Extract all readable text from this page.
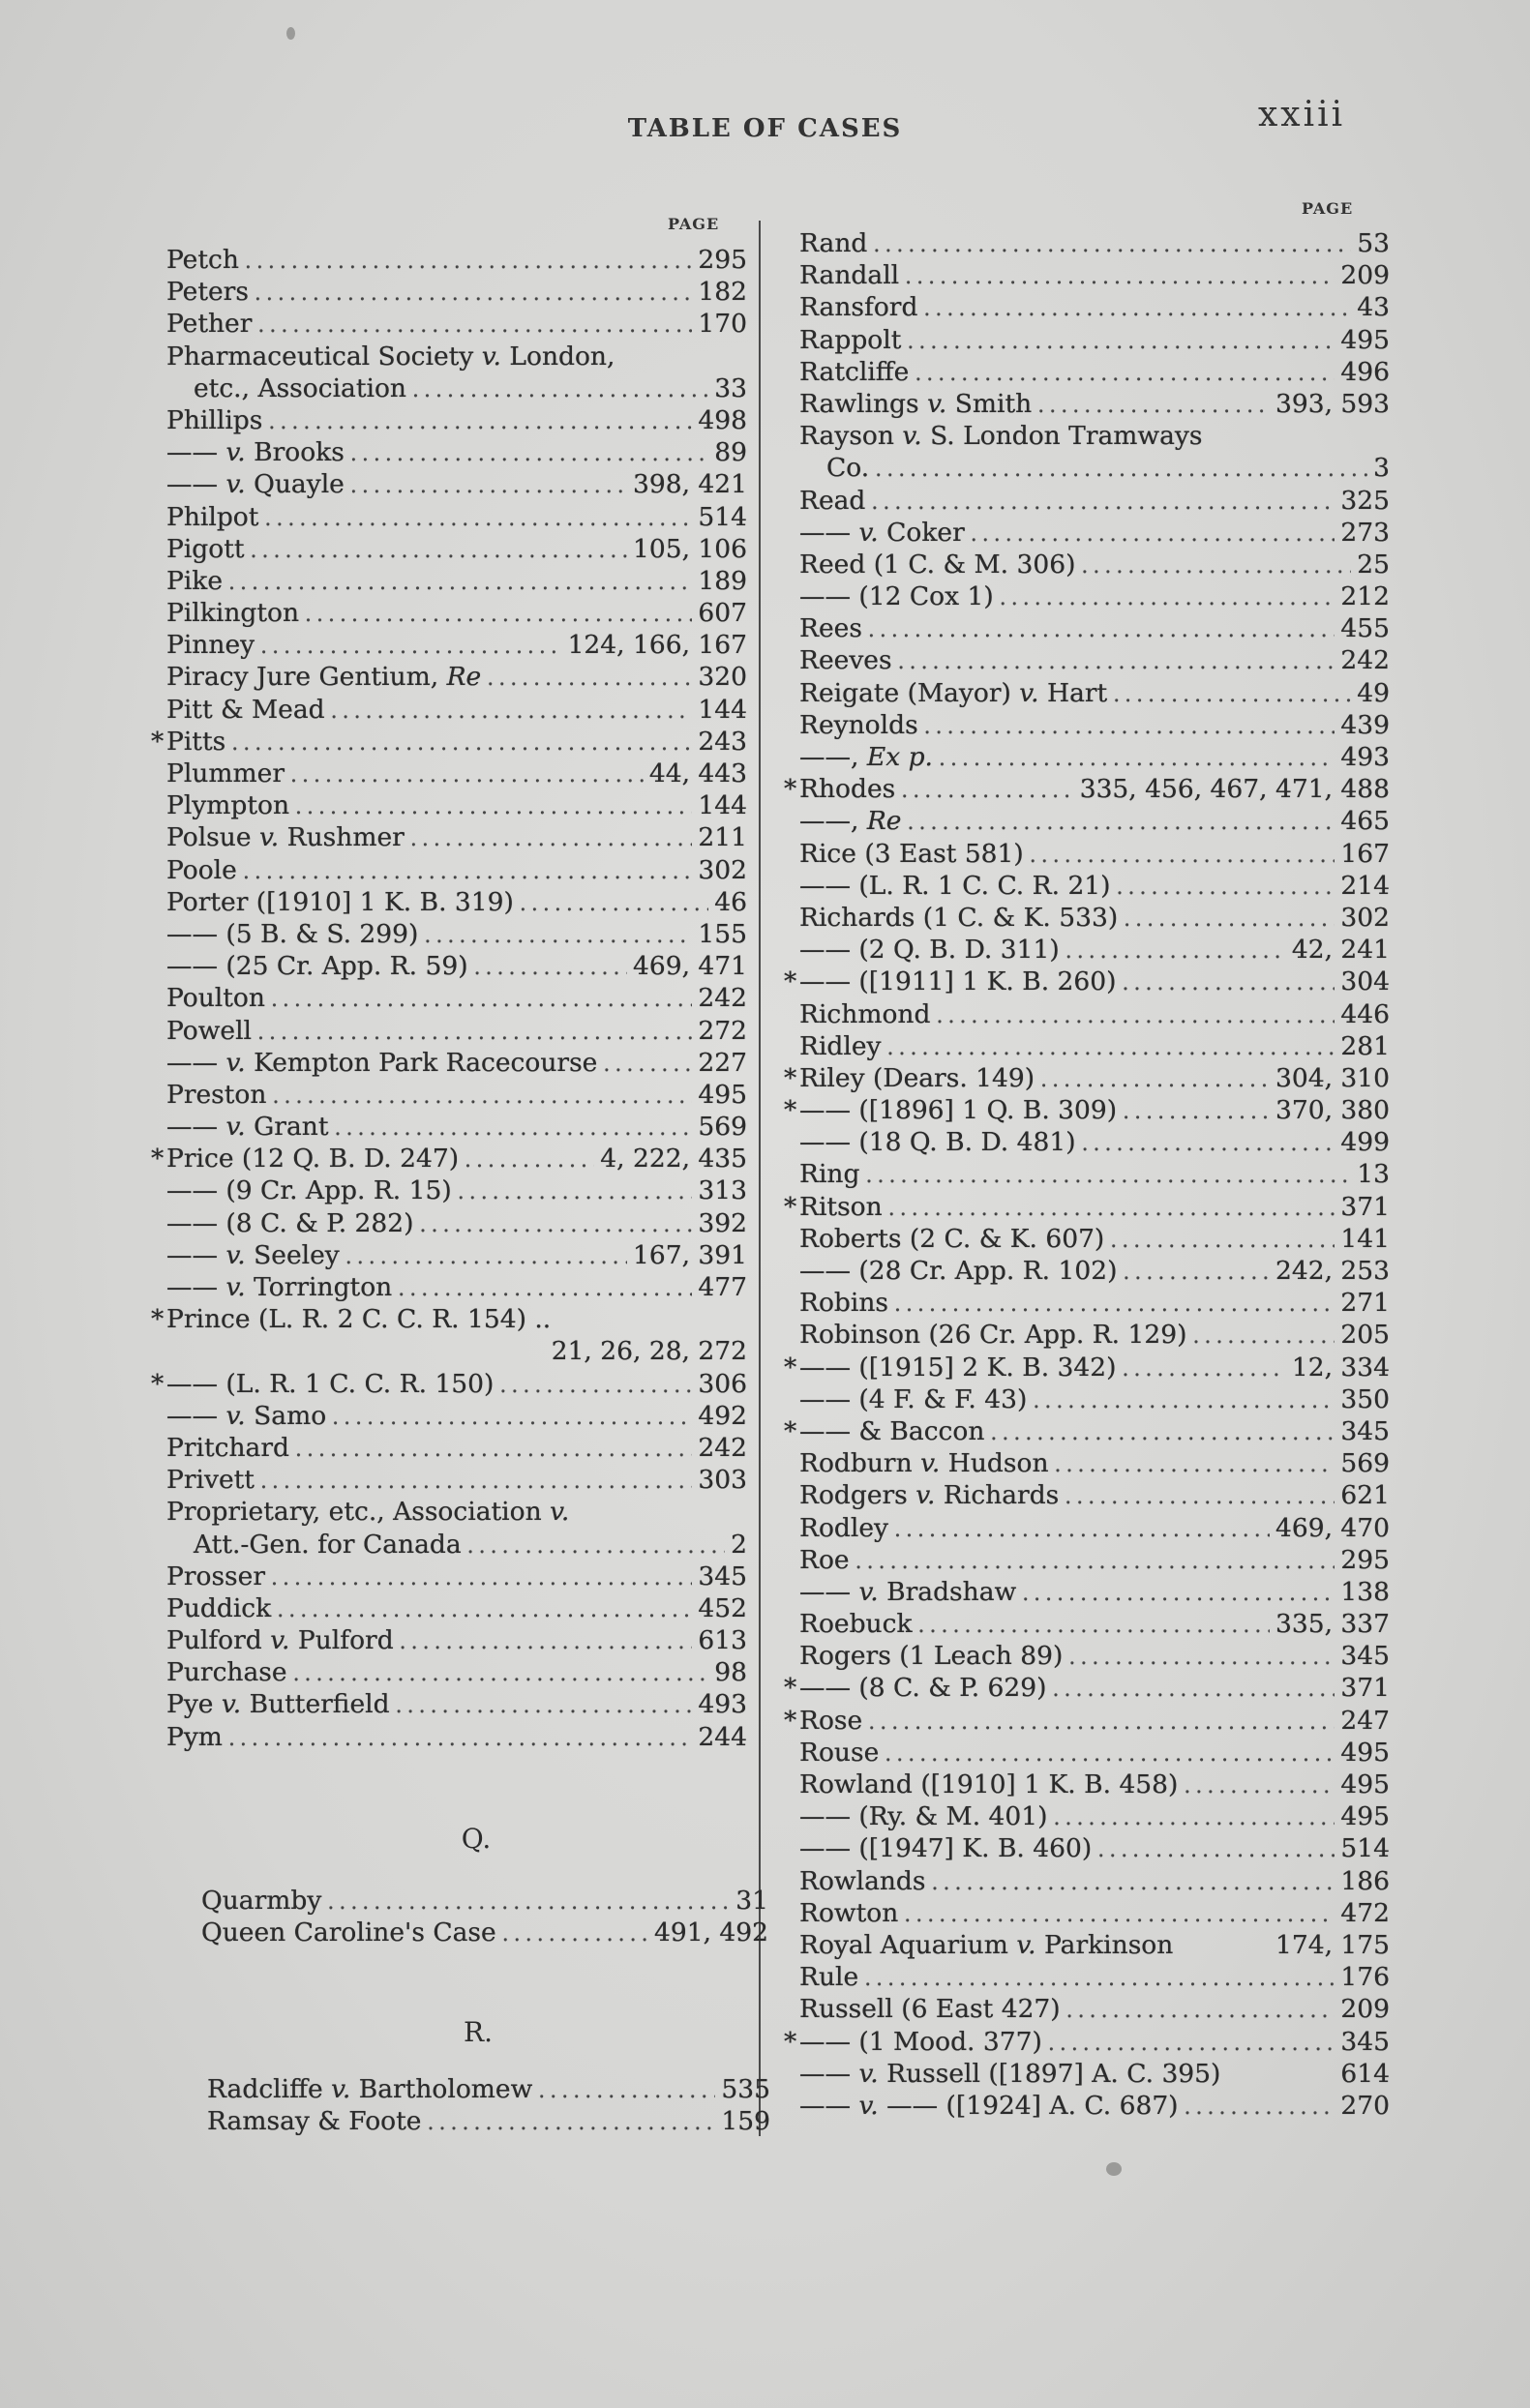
TABLE OF CASES	xxiii
PAGE
PAGE
Petch .....	295
Peters .....	182
Pether .....	170
Pharmaceutical Society v. London,
etc., Association .....	33
Phillips .....	498
—— v. Brooks .....	89
—— v. Quayle .....	398, 421
Philpot .....	514
Pigott .....	105, 106
Pike .....	189
Pilkington .....	607
Pinney .....	124, 166, 167
Piracy Jure Gentium, Re .....	320
Pitt & Mead .....	144
* Pitts .....	243
Plummer .....	44, 443
Plympton .....	144
Polsue v. Rushmer .....	211
Poole .....	302
Porter ([1910] 1 K. B. 319) .....	46
—— (5 B. & S. 299) .....	155
—— (25 Cr. App. R. 59) .....	469, 471
Poulton .....	242
Powell .....	272
—— v. Kempton Park Racecourse .....	227
Preston .....	495
—— v. Grant .....	569
* Price (12 Q. B. D. 247) .....	4, 222, 435
—— (9 Cr. App. R. 15) .....	313
—— (8 C. & P. 282) .....	392
—— v. Seeley .....	167, 391
—— v. Torrington .....	477
* Prince (L. R. 2 C. C. R. 154) ..
21, 26, 28, 272
* —— (L. R. 1 C. C. R. 150) .....	306
—— v. Samo .....	492
Pritchard .....	242
Privett .....	303
Proprietary, etc., Association v.
Att.-Gen. for Canada .....	2
Prosser .....	345
Puddick .....	452
Pulford v. Pulford .....	613
Purchase .....	98
Pye v. Butterfield .....	493
Pym .....	244
Q.
Quarmby .....	31
Queen Caroline's Case .....	491, 492
R.
Radcliffe v. Bartholomew .....	535
Ramsay & Foote .....	159
Rand .....	53
Randall .....	209
Ransford .....	43
Rappolt .....	495
Ratcliffe .....	496
Rawlings v. Smith .....	393, 593
Rayson v. S. London Tramways
Co. .....	3
Read .....	325
—— v. Coker .....	273
Reed (1 C. & M. 306) .....	25
—— (12 Cox 1) .....	212
Rees .....	455
Reeves .....	242
Reigate (Mayor) v. Hart .....	49
Reynolds .....	439
——, Ex p. .....	493
* Rhodes .....	335, 456, 467, 471, 488
——, Re .....	465
Rice (3 East 581) .....	167
—— (L. R. 1 C. C. R. 21) .....	214
Richards (1 C. & K. 533) .....	302
—— (2 Q. B. D. 311) .....	42, 241
* —— ([1911] 1 K. B. 260) .....	304
Richmond .....	446
Ridley .....	281
* Riley (Dears. 149) .....	304, 310
* —— ([1896] 1 Q. B. 309) .....	370, 380
—— (18 Q. B. D. 481) .....	499
Ring .....	13
* Ritson .....	371
Roberts (2 C. & K. 607) .....	141
—— (28 Cr. App. R. 102) .....	242, 253
Robins .....	271
Robinson (26 Cr. App. R. 129) .....	205
* —— ([1915] 2 K. B. 342) .....	12, 334
—— (4 F. & F. 43) .....	350
* —— & Baccon .....	345
Rodburn v. Hudson .....	569
Rodgers v. Richards .....	621
Rodley .....	469, 470
Roe .....	295
—— v. Bradshaw .....	138
Roebuck .....	335, 337
Rogers (1 Leach 89) .....	345
* —— (8 C. & P. 629) .....	371
* Rose .....	247
Rouse .....	495
Rowland ([1910] 1 K. B. 458) .....	495
—— (Ry. & M. 401) .....	495
—— ([1947] K. B. 460) .....	514
Rowlands .....	186
Rowton .....	472
Royal Aquarium v. Parkinson	174, 175
Rule .....	176
Russell (6 East 427) .....	209
* —— (1 Mood. 377) .....	345
—— v. Russell ([1897] A. C. 395)	614
—— v. —— ([1924] A. C. 687) .....	270
